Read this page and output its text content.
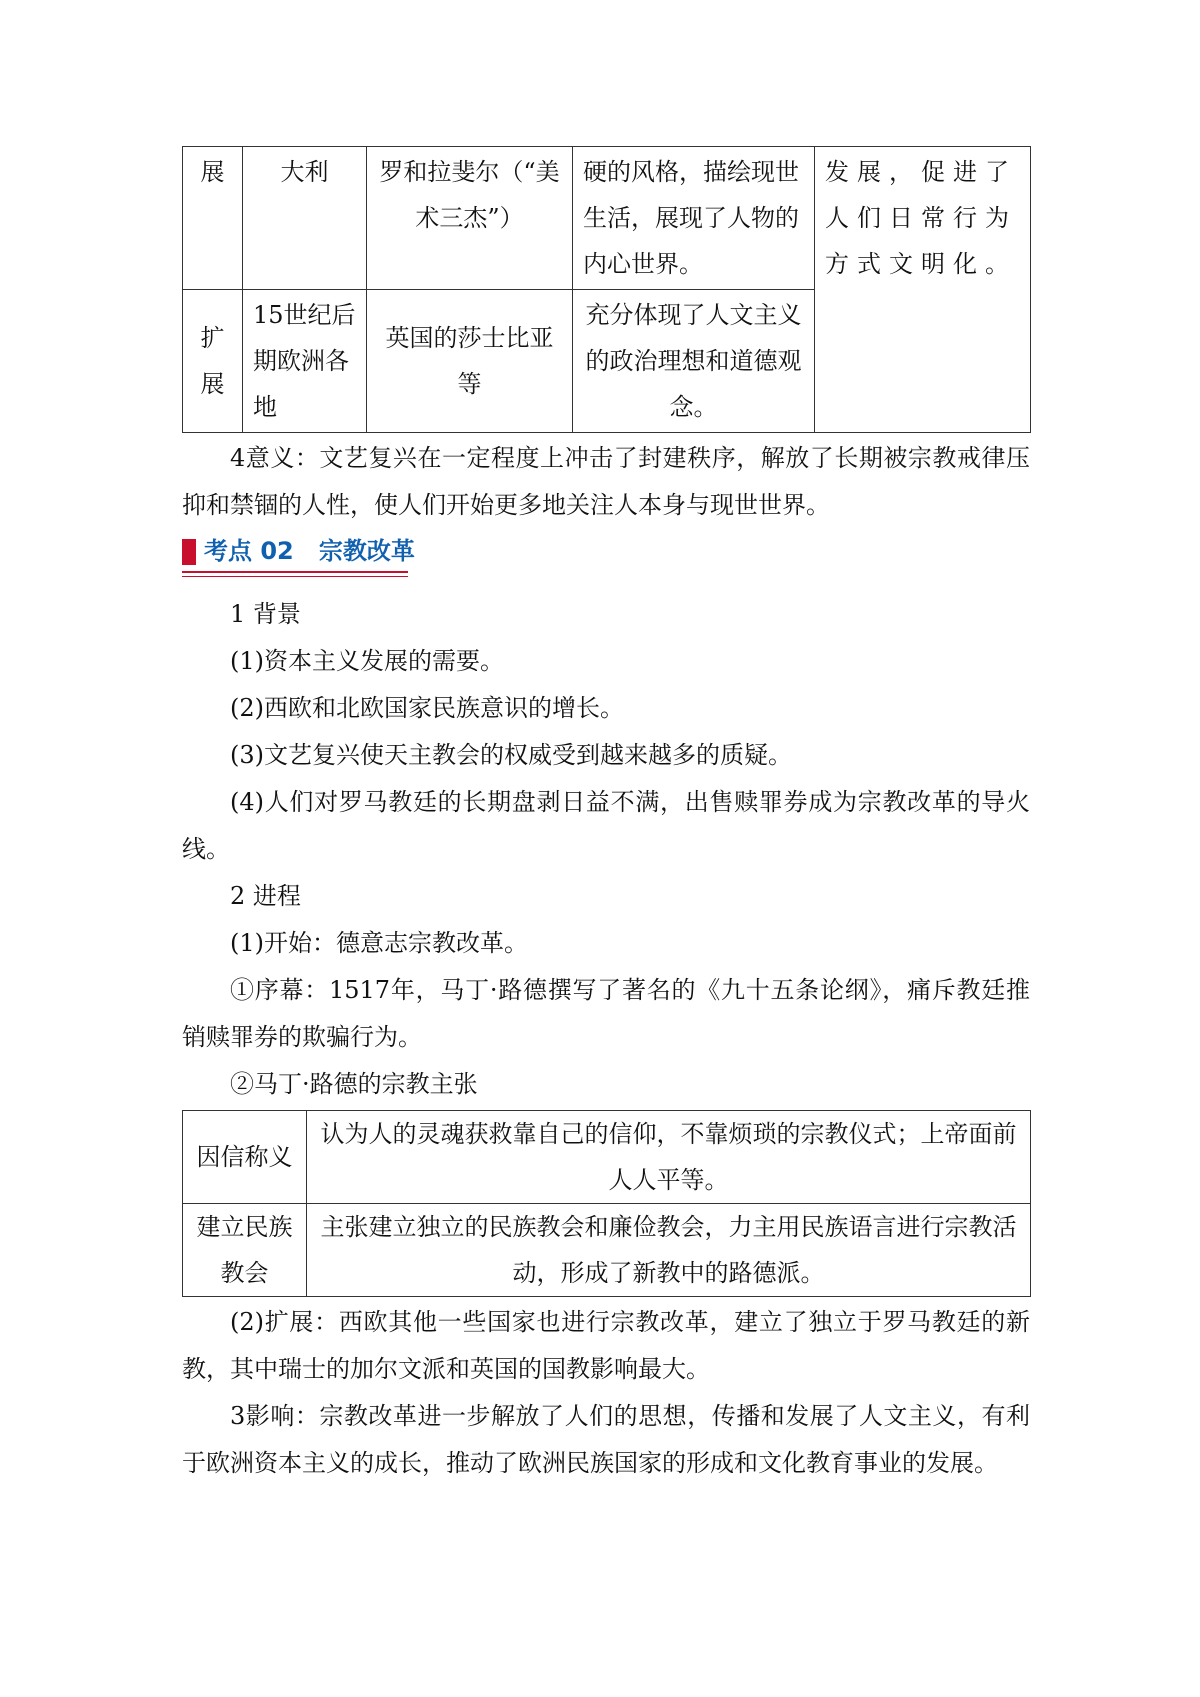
展	大利	罗和拉斐尔（“美术三杰”）	硬的风格，描绘现世生活，展现了人物的内心世界。	发展，促进了人们日常行为方式文明化。
扩展	15世纪后期欧洲各地	英国的莎士比亚等	充分体现了人文主义的政治理想和道德观念。	

4意义：文艺复兴在一定程度上冲击了封建秩序，解放了长期被宗教戒律压抑和禁锢的人性，使人们开始更多地关注人本身与现世世界。

考点 02   宗教改革

1 背景

(1)资本主义发展的需要。

(2)西欧和北欧国家民族意识的增长。

(3)文艺复兴使天主教会的权威受到越来越多的质疑。

(4)人们对罗马教廷的长期盘剥日益不满，出售赎罪券成为宗教改革的导火线。

2 进程

(1)开始：德意志宗教改革。

①序幕：1517年，马丁·路德撰写了著名的《九十五条论纲》，痛斥教廷推销赎罪券的欺骗行为。

②马丁·路德的宗教主张

因信称义	认为人的灵魂获救靠自己的信仰，不靠烦琐的宗教仪式；上帝面前人人平等。
建立民族教会	主张建立独立的民族教会和廉俭教会，力主用民族语言进行宗教活动，形成了新教中的路德派。

(2)扩展：西欧其他一些国家也进行宗教改革，建立了独立于罗马教廷的新教，其中瑞士的加尔文派和英国的国教影响最大。

3影响：宗教改革进一步解放了人们的思想，传播和发展了人文主义，有利于欧洲资本主义的成长，推动了欧洲民族国家的形成和文化教育事业的发展。
